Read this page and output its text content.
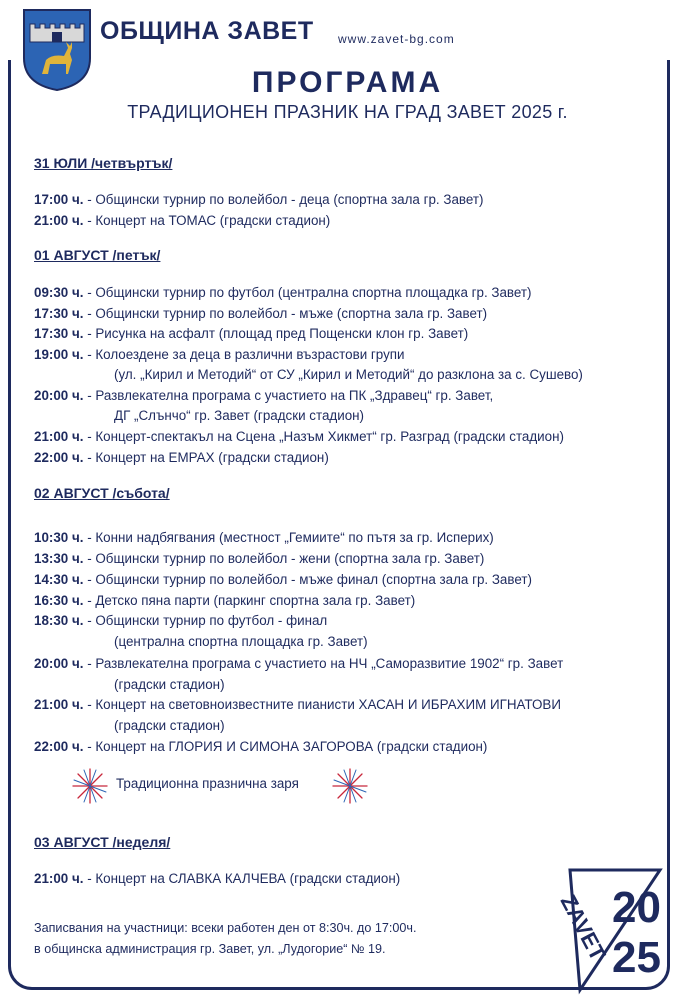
ОБЩИНА ЗАВЕТ www.zavet-bg.com
ПРОГРАМА
ТРАДИЦИОНЕН ПРАЗНИК НА ГРАД ЗАВЕТ 2025 г.
31 ЮЛИ /четвъртък/
17:00 ч. - Общински турнир по волейбол - деца (спортна зала гр. Завет)
21:00 ч. - Концерт на ТОМАС (градски стадион)
01 АВГУСТ /петък/
09:30 ч. - Общински турнир по футбол (централна спортна площадка гр. Завет)
17:30 ч. - Общински турнир по волейбол - мъже (спортна зала гр. Завет)
17:30 ч. - Рисунка на асфалт (площад пред Пощенски клон гр. Завет)
19:00 ч. - Колоездене за деца в различни възрастови групи
(ул. „Кирил и Методий“ от СУ „Кирил и Методий“ до разклона за с. Сушево)
20:00 ч. - Развлекателна програма с участието на ПК „Здравец“ гр. Завет,
ДГ „Слънчо“ гр. Завет (градски стадион)
21:00 ч. - Концерт-спектакъл на Сцена „Назъм Хикмет“ гр. Разград (градски стадион)
22:00 ч. - Концерт на ЕМРАХ (градски стадион)
02 АВГУСТ /събота/
10:30 ч. - Конни надбягвания (местност „Гемиите“ по пътя за гр. Исперих)
13:30 ч. - Общински турнир по волейбол - жени (спортна зала гр. Завет)
14:30 ч. - Общински турнир по волейбол - мъже финал (спортна зала гр. Завет)
16:30 ч. - Детско пяна парти (паркинг спортна зала гр. Завет)
18:30 ч. - Общински турнир по футбол - финал
(централна спортна площадка гр. Завет)
20:00 ч. - Развлекателна програма с участието на НЧ „Саморазвитие 1902“ гр. Завет
(градски стадион)
21:00 ч. - Концерт на световноизвестните пианисти ХАСАН И ИБРАХИМ ИГНАТОВИ
(градски стадион)
22:00 ч. - Концерт на ГЛОРИЯ И СИМОНА ЗАГОРОВА (градски стадион)
Традиционна празнична заря
03 АВГУСТ /неделя/
21:00 ч. - Концерт на СЛАВКА КАЛЧЕВА (градски стадион)
Записвания на участници: всеки работен ден от 8:30ч. до 17:00ч.
в общинска администрация гр. Завет, ул. „Лудогорие“ № 19.
20
25
ZAVET
